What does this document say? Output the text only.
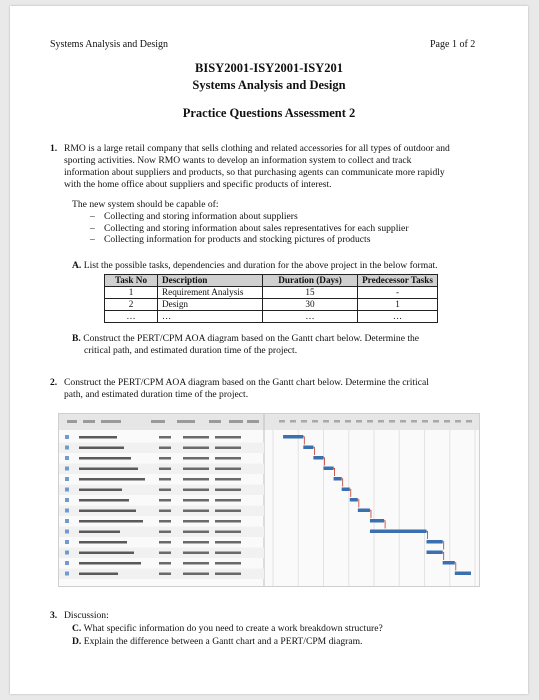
Systems Analysis and Design	Page 1 of 2
BISY2001-ISY2001-ISY201
Systems Analysis and Design
Practice Questions Assessment 2
1. RMO is a large retail company that sells clothing and related accessories for all types of outdoor and
sporting activities. Now RMO wants to develop an information system to collect and track
information about suppliers and products, so that purchasing agents can communicate more rapidly
with the home office about suppliers and specific products of interest.
The new system should be capable of:
– Collecting and storing information about suppliers
– Collecting and storing information about sales representatives for each supplier
– Collecting information for products and stocking pictures of products
A. List the possible tasks, dependencies and duration for the above project in the below format.
Task No	Description	Duration (Days)	Predecessor Tasks
1	Requirement Analysis	15	-
2	Design	30	1
…	…	…	…
B. Construct the PERT/CPM AOA diagram based on the Gantt chart below. Determine the
critical path, and estimated duration time of the project.
2. Construct the PERT/CPM AOA diagram based on the Gantt chart below. Determine the critical
path, and estimated duration time of the project.
3. Discussion:
C. What specific information do you need to create a work breakdown structure?
D. Explain the difference between a Gantt chart and a PERT/CPM diagram.
